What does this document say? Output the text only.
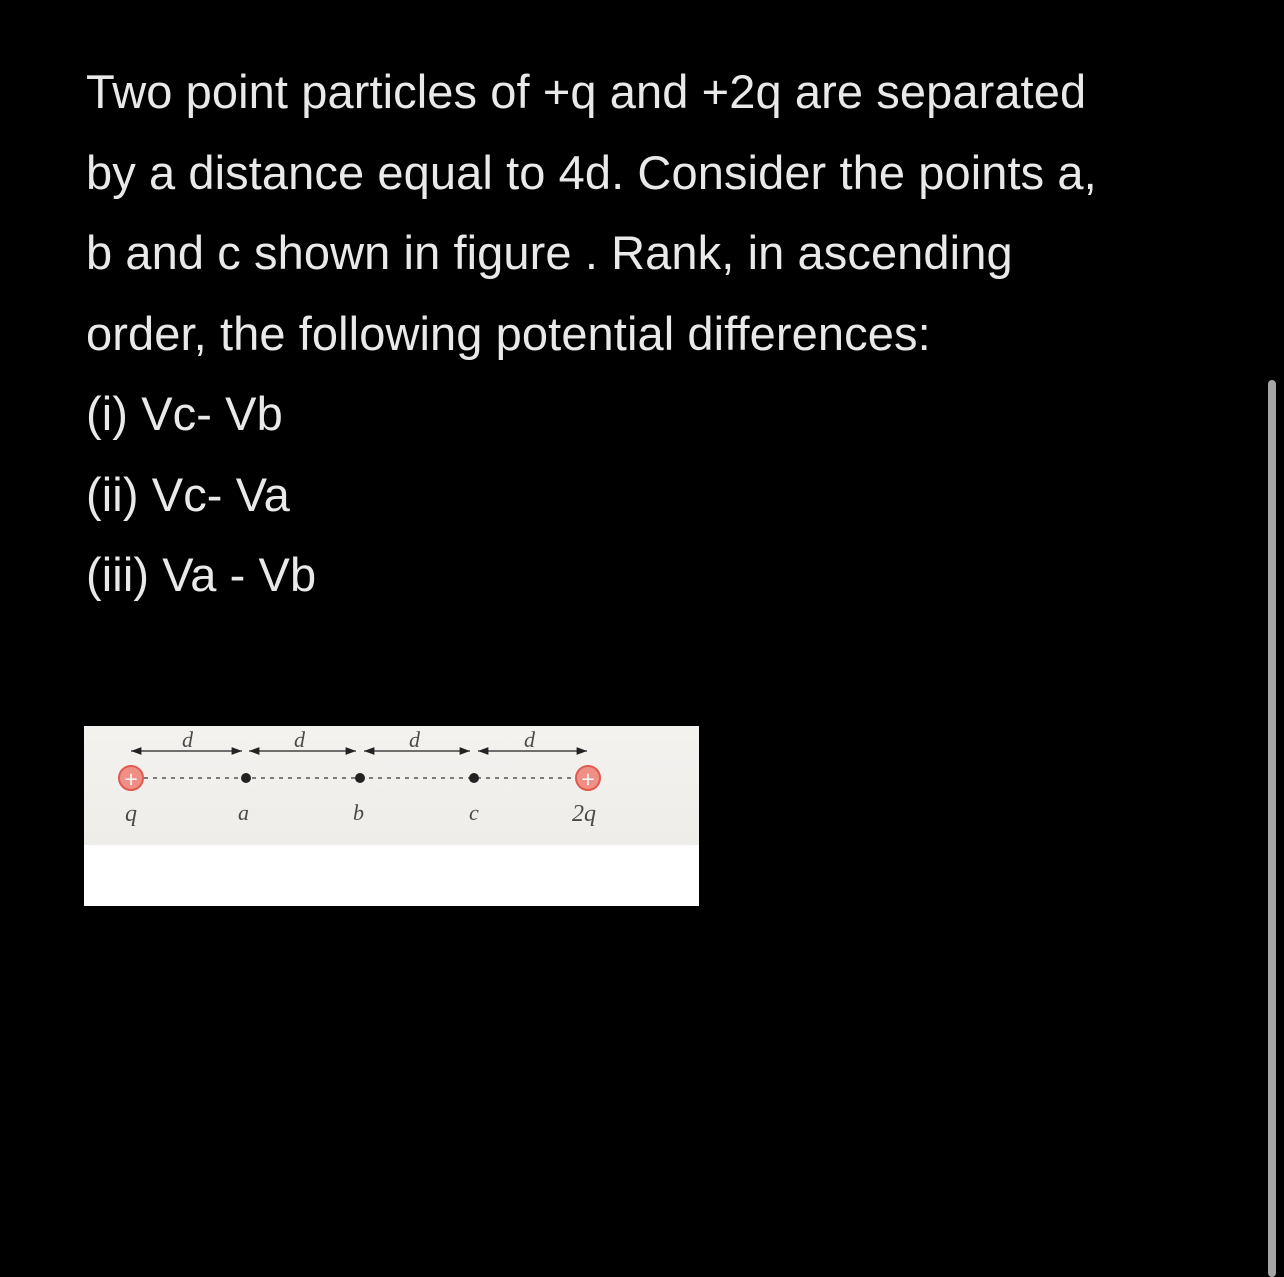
Two point particles of +q and +2q are separated
by a distance equal to 4d. Consider the points a,
b and c shown in figure . Rank, in ascending
order, the following potential differences:
(i) Vc- Vb
(ii) Vc- Va
(iii) Va - Vb

d	d	d	d
+	+
q	a	b	c	2q
